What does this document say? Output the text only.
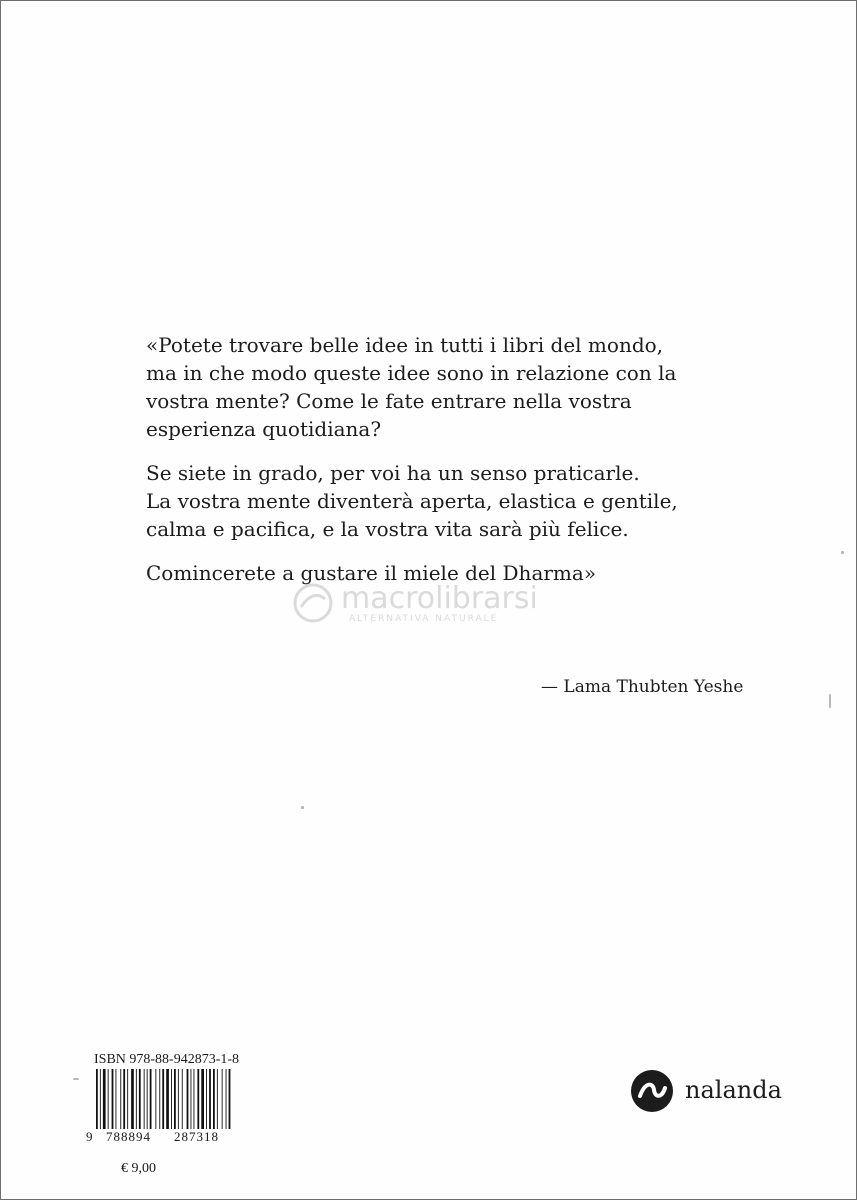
«Potete trovare belle idee in tutti i libri del mondo,
ma in che modo queste idee sono in relazione con la
vostra mente? Come le fate entrare nella vostra
esperienza quotidiana?

Se siete in grado, per voi ha un senso praticarle.
La vostra mente diventerà aperta, elastica e gentile,
calma e pacifica, e la vostra vita sarà più felice.

Comincerete a gustare il miele del Dharma»

macrolibrarsi
ALTERNATIVA NATURALE
— Lama Thubten Yeshe
ISBN 978-88-942873-1-8
9 788894 287318
€ 9,00
nalanda
